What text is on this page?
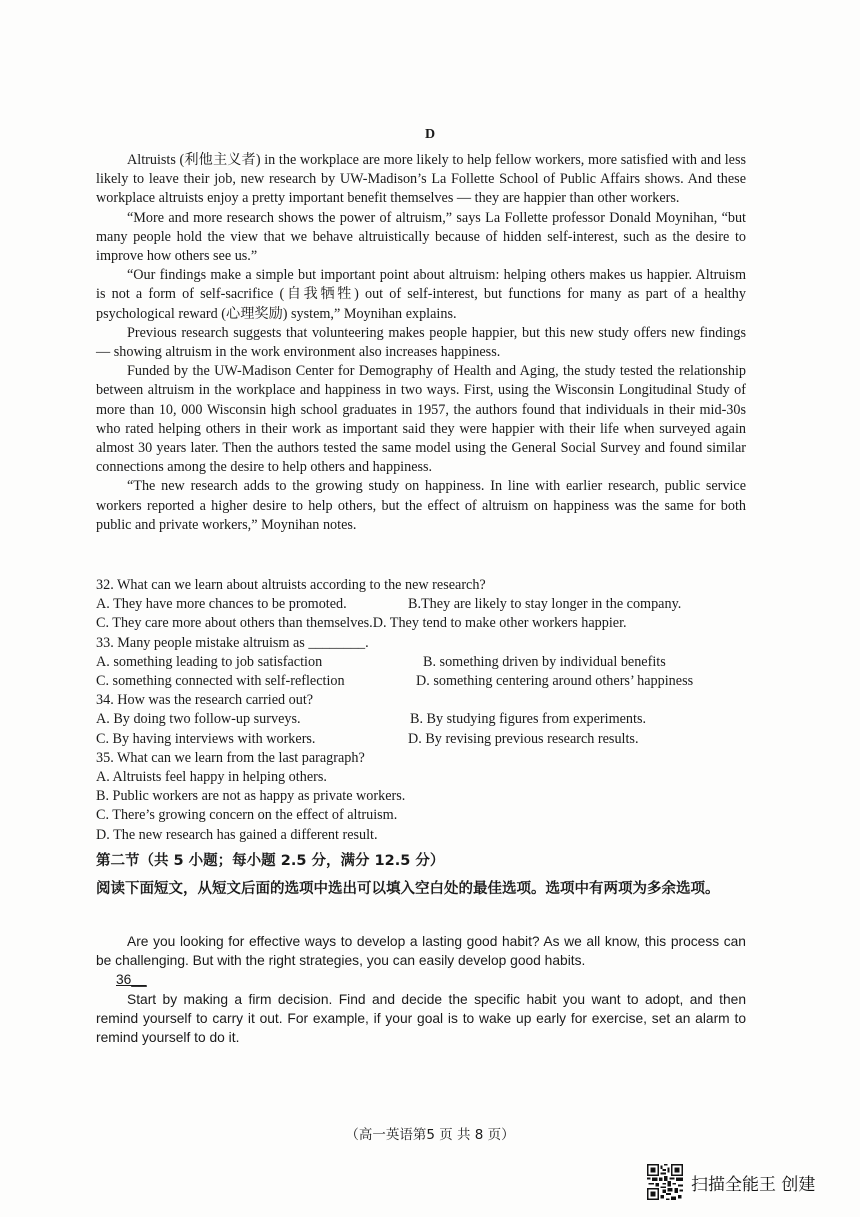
D

Altruists (利他主义者) in the workplace are more likely to help fellow workers, more satisfied with and less likely to leave their job, new research by UW-Madison’s La Follette School of Public Affairs shows. And these workplace altruists enjoy a pretty important benefit themselves — they are happier than other workers.

“More and more research shows the power of altruism,” says La Follette professor Donald Moynihan, “but many people hold the view that we behave altruistically because of hidden self-interest, such as the desire to improve how others see us.”

“Our findings make a simple but important point about altruism: helping others makes us happier. Altruism is not a form of self-sacrifice (自我牺牲) out of self-interest, but functions for many as part of a healthy psychological reward (心理奖励) system,” Moynihan explains.

Previous research suggests that volunteering makes people happier, but this new study offers new findings — showing altruism in the work environment also increases happiness.

Funded by the UW-Madison Center for Demography of Health and Aging, the study tested the relationship between altruism in the workplace and happiness in two ways. First, using the Wisconsin Longitudinal Study of more than 10, 000 Wisconsin high school graduates in 1957, the authors found that individuals in their mid-30s who rated helping others in their work as important said they were happier with their life when surveyed again almost 30 years later. Then the authors tested the same model using the General Social Survey and found similar connections among the desire to help others and happiness.

“The new research adds to the growing study on happiness. In line with earlier research, public service workers reported a higher desire to help others, but the effect of altruism on happiness was the same for both public and private workers,” Moynihan notes.

32. What can we learn about altruists according to the new research?

A. They have more chances to be promoted.	B.They are likely to stay longer in the company.

C. They care more about others than themselves.D. They tend to make other workers happier.

33. Many people mistake altruism as ________.

A. something leading to job satisfaction	B. something driven by individual benefits
C. something connected with self-reflection	D. something centering around others’ happiness

34. How was the research carried out?

A. By doing two follow-up surveys.	B. By studying figures from experiments.
C. By having interviews with workers.	D. By revising previous research results.

35. What can we learn from the last paragraph?

A. Altruists feel happy in helping others.

B. Public workers are not as happy as private workers.

C. There’s growing concern on the effect of altruism.

D. The new research has gained a different result.

第二节（共 5 小题；每小题 2.5 分，满分 12.5 分）
阅读下面短文，从短文后面的选项中选出可以填入空白处的最佳选项。选项中有两项为多余选项。

Are you looking for effective ways to develop a lasting good habit? As we all know, this process can be challenging. But with the right strategies, you can easily develop good habits.

36__

Start by making a firm decision. Find and decide the specific habit you want to adopt, and then remind yourself to carry it out. For example, if your goal is to wake up early for exercise, set an alarm to remind yourself to do it.

（高一英语第5 页 共 8 页）
扫描全能王 创建
